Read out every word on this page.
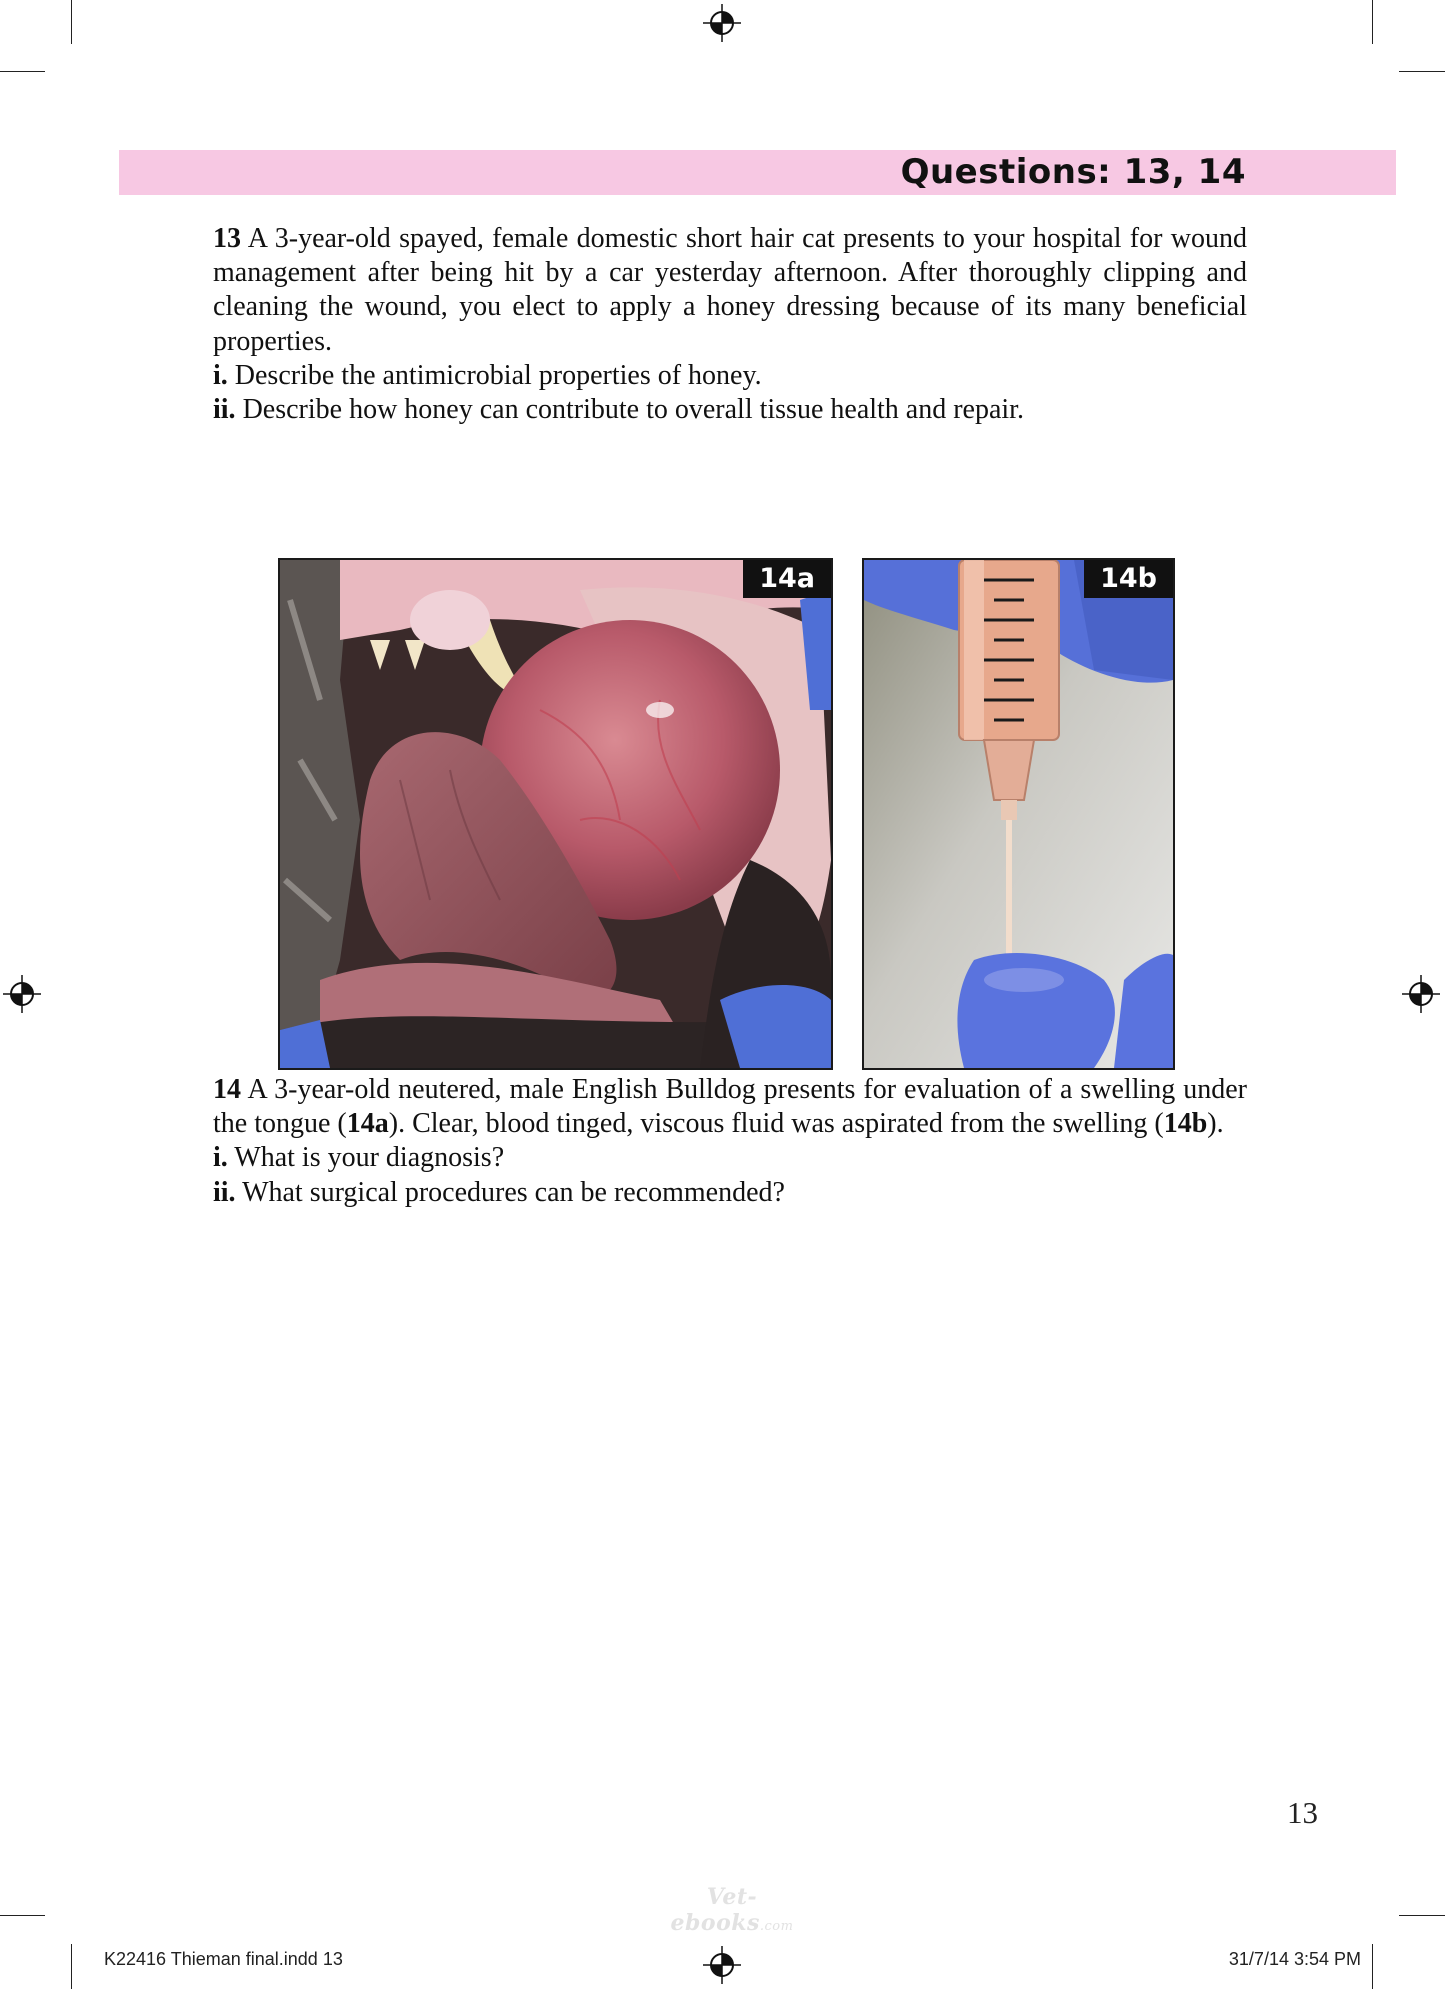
Questions: 13, 14

13 A 3-year-old spayed, female domestic short hair cat presents to your hospital for wound management after being hit by a car yesterday afternoon. After thoroughly clipping and cleaning the wound, you elect to apply a honey dressing because of its many beneficial properties.

i. Describe the antimicrobial properties of honey.

ii. Describe how honey can contribute to overall tissue health and repair.

14a	14b

14 A 3-year-old neutered, male English Bulldog presents for evaluation of a swelling under the tongue (14a). Clear, blood tinged, viscous fluid was aspirated from the swelling (14b).

i. What is your diagnosis?

ii. What surgical procedures can be recommended?

13
Vet-ebooks.com
K22416 Thieman final.indd 13	31/7/14 3:54 PM
